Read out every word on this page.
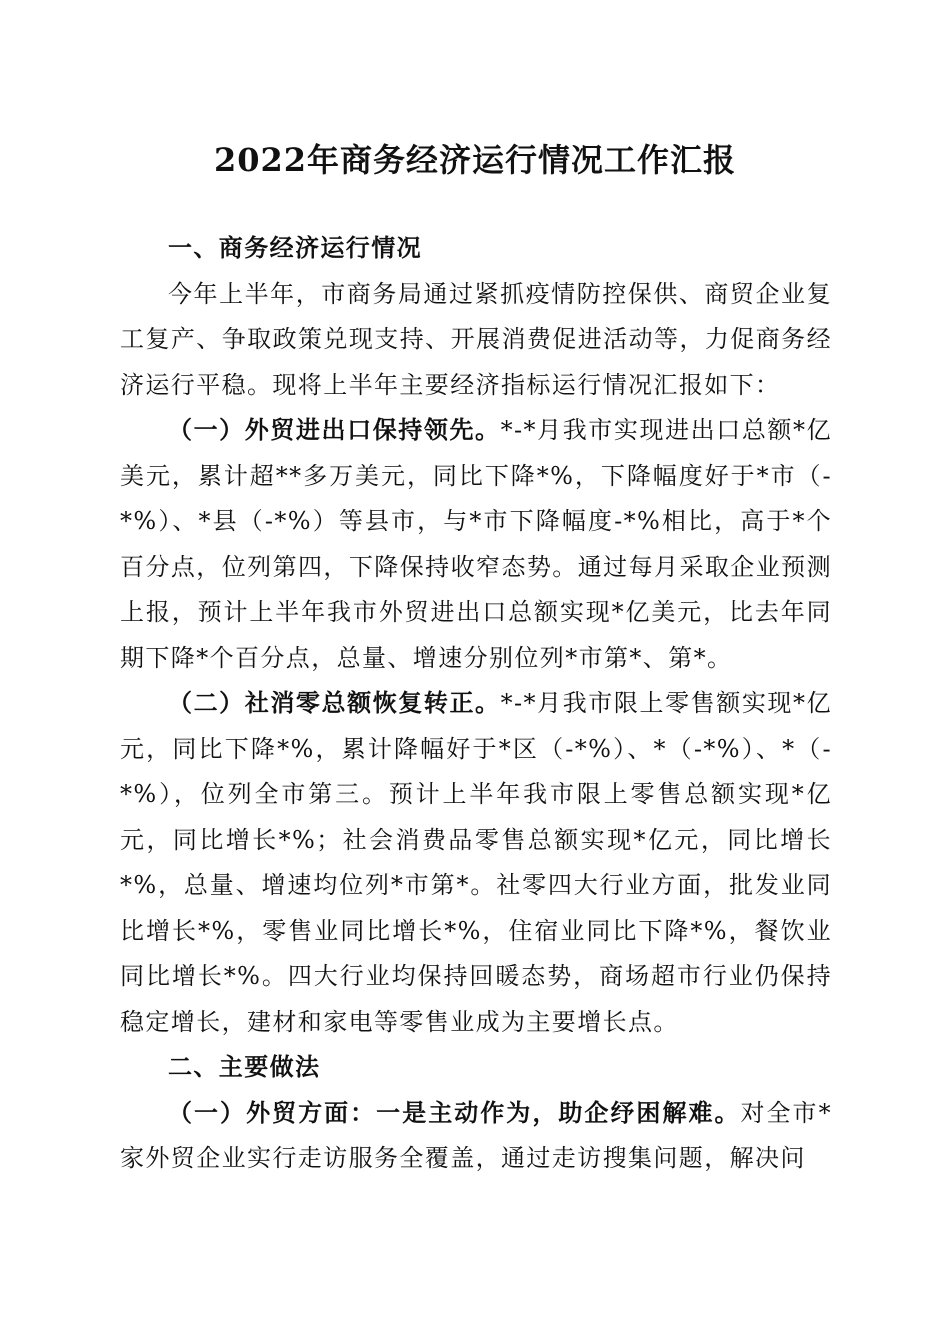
2022年商务经济运行情况工作汇报

一、商务经济运行情况

今年上半年，市商务局通过紧抓疫情防控保供、商贸企业复工复产、争取政策兑现支持、开展消费促进活动等，力促商务经济运行平稳。现将上半年主要经济指标运行情况汇报如下：

（一）外贸进出口保持领先。*-*月我市实现进出口总额*亿美元，累计超**多万美元，同比下降*%，下降幅度好于*市（-*%）、*县（-*%）等县市，与*市下降幅度-*%相比，高于*个百分点，位列第四，下降保持收窄态势。通过每月采取企业预测上报，预计上半年我市外贸进出口总额实现*亿美元，比去年同期下降*个百分点，总量、增速分别位列*市第*、第*。

（二）社消零总额恢复转正。*-*月我市限上零售额实现*亿元，同比下降*%，累计降幅好于*区（-*%）、*（-*%）、*（-*%），位列全市第三。预计上半年我市限上零售总额实现*亿元，同比增长*%；社会消费品零售总额实现*亿元，同比增长*%，总量、增速均位列*市第*。社零四大行业方面，批发业同比增长*%，零售业同比增长*%，住宿业同比下降*%，餐饮业同比增长*%。四大行业均保持回暖态势，商场超市行业仍保持稳定增长，建材和家电等零售业成为主要增长点。

二、主要做法

（一）外贸方面：一是主动作为，助企纾困解难。对全市*家外贸企业实行走访服务全覆盖，通过走访搜集问题，解决问
